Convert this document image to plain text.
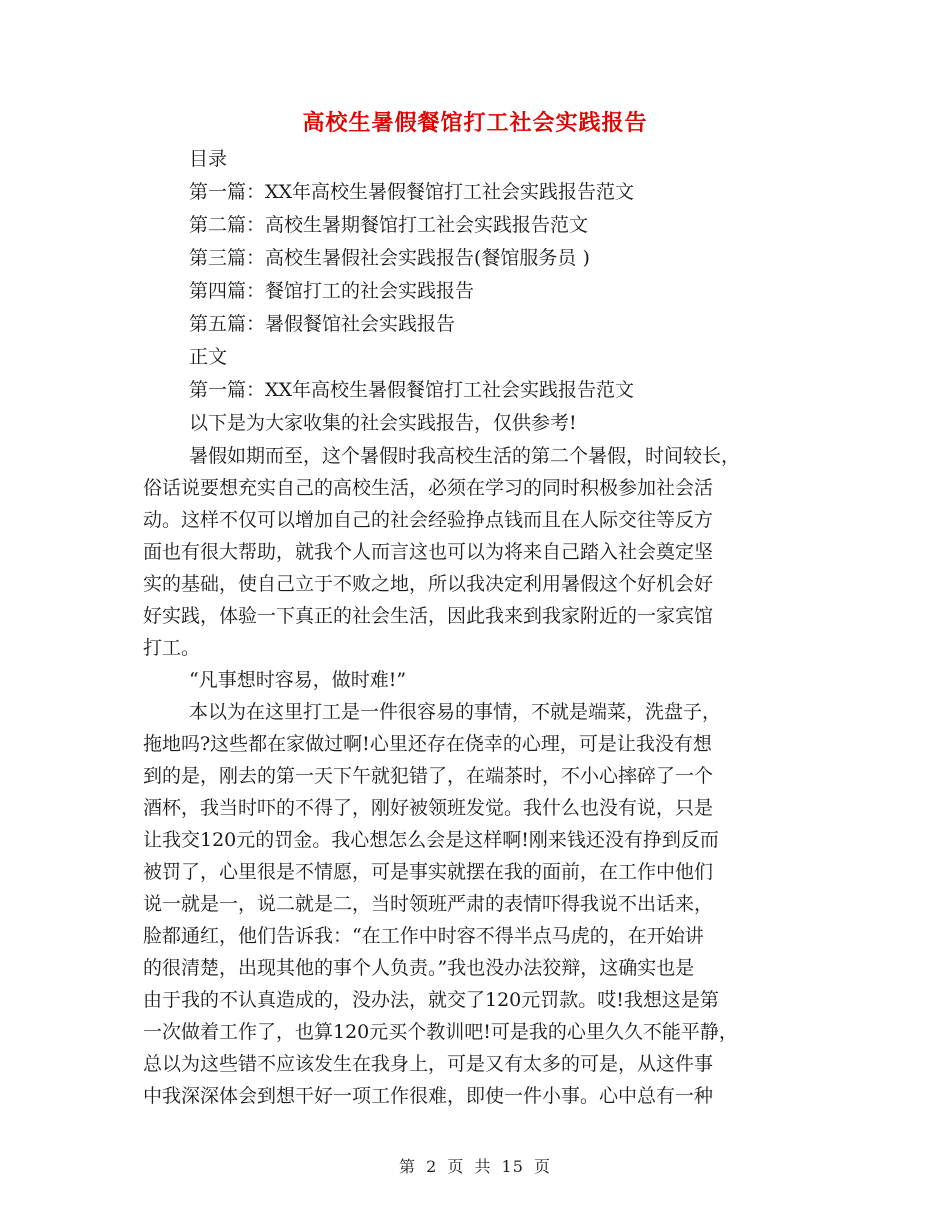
高校生暑假餐馆打工社会实践报告
目录
第一篇：XX年高校生暑假餐馆打工社会实践报告范文
第二篇：高校生暑期餐馆打工社会实践报告范文
第三篇：高校生暑假社会实践报告(餐馆服务员 )
第四篇：餐馆打工的社会实践报告
第五篇：暑假餐馆社会实践报告
正文
第一篇：XX年高校生暑假餐馆打工社会实践报告范文
以下是为大家收集的社会实践报告，仅供参考!
暑假如期而至，这个暑假时我高校生活的第二个暑假，时间较长，
俗话说要想充实自己的高校生活，必须在学习的同时积极参加社会活
动。这样不仅可以增加自己的社会经验挣点钱而且在人际交往等反方
面也有很大帮助，就我个人而言这也可以为将来自己踏入社会奠定坚
实的基础，使自己立于不败之地，所以我决定利用暑假这个好机会好
好实践，体验一下真正的社会生活，因此我来到我家附近的一家宾馆
打工。
“凡事想时容易，做时难!”
本以为在这里打工是一件很容易的事情，不就是端菜，洗盘子，
拖地吗?这些都在家做过啊!心里还存在侥幸的心理，可是让我没有想
到的是，刚去的第一天下午就犯错了，在端茶时，不小心摔碎了一个
酒杯，我当时吓的不得了，刚好被领班发觉。我什么也没有说，只是
让我交120元的罚金。我心想怎么会是这样啊!刚来钱还没有挣到反而
被罚了，心里很是不情愿，可是事实就摆在我的面前，在工作中他们
说一就是一，说二就是二，当时领班严肃的表情吓得我说不出话来，
脸都通红，他们告诉我：“在工作中时容不得半点马虎的，在开始讲
的很清楚，出现其他的事个人负责。”我也没办法狡辩，这确实也是
由于我的不认真造成的，没办法，就交了120元罚款。哎!我想这是第
一次做着工作了，也算120元买个教训吧!可是我的心里久久不能平静，
总以为这些错不应该发生在我身上，可是又有太多的可是，从这件事
中我深深体会到想干好一项工作很难，即使一件小事。心中总有一种
第 2 页 共 15 页
